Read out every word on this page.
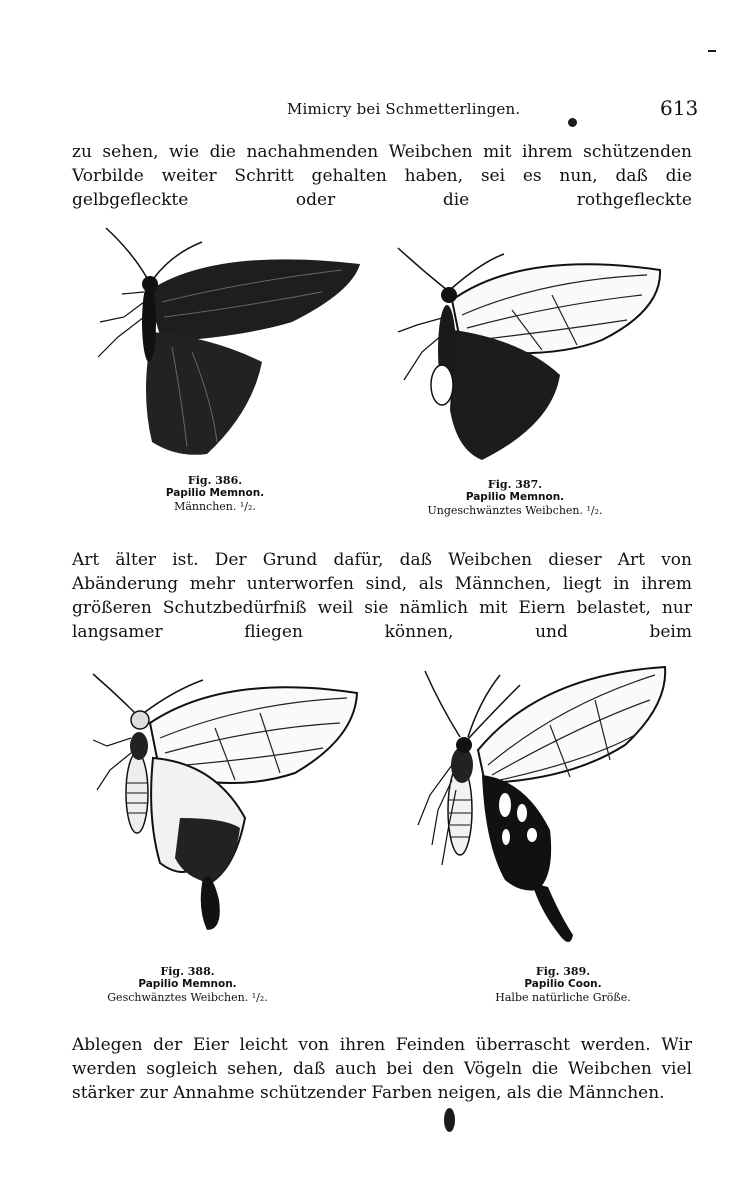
Mimicry bei Schmetterlingen.	613

zu sehen, wie die nachahmenden Weibchen mit ihrem schützenden Vorbilde weiter Schritt gehalten haben, sei es nun, daß die gelbgefleckte oder die rothgefleckte

Fig. 386.
Papilio Memnon.
Männchen. ¹/₂.
Fig. 387.
Papilio Memnon.
Ungeschwänztes Weibchen. ¹/₂.

Art älter ist. Der Grund dafür, daß Weibchen dieser Art von Abänderung mehr unterworfen sind, als Männchen, liegt in ihrem größeren Schutzbedürfniß weil sie nämlich mit Eiern belastet, nur langsamer fliegen können, und beim

Fig. 388.
Papilio Memnon.
Geschwänztes Weibchen. ¹/₂.
Fig. 389.
Papilio Coon.
Halbe natürliche Größe.

Ablegen der Eier leicht von ihren Feinden überrascht werden. Wir werden sogleich sehen, daß auch bei den Vögeln die Weibchen viel stärker zur Annahme schützender Farben neigen, als die Männchen.
